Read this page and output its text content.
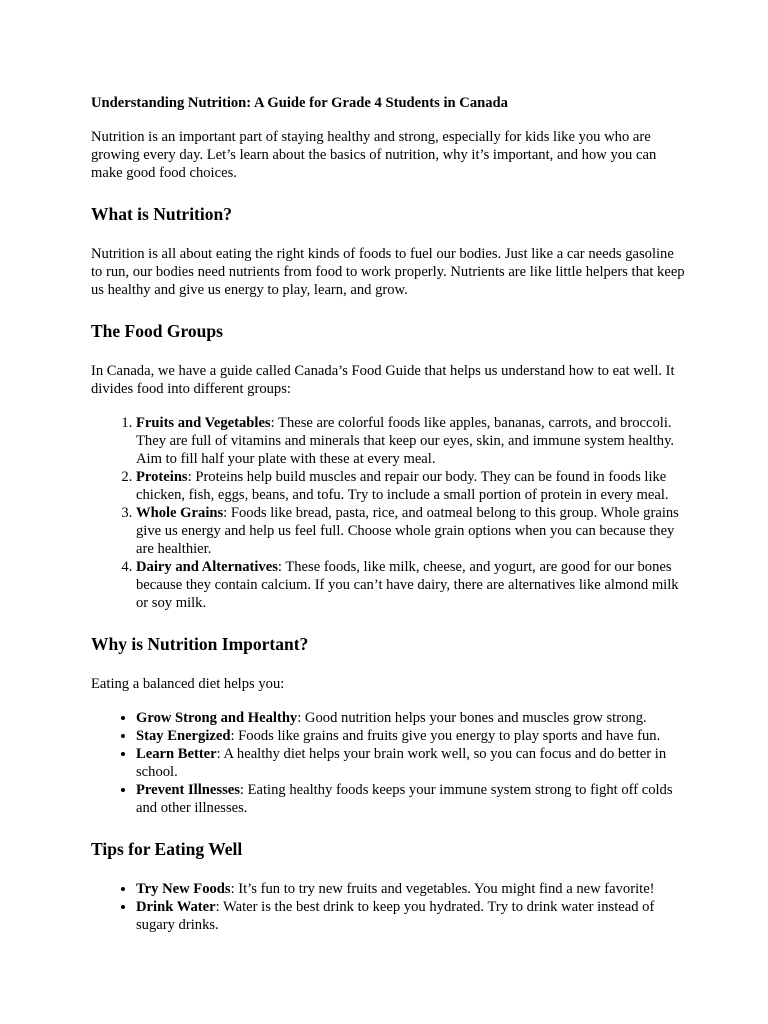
Understanding Nutrition: A Guide for Grade 4 Students in Canada

Nutrition is an important part of staying healthy and strong, especially for kids like you who are growing every day. Let’s learn about the basics of nutrition, why it’s important, and how you can make good food choices.

What is Nutrition?

Nutrition is all about eating the right kinds of foods to fuel our bodies. Just like a car needs gasoline to run, our bodies need nutrients from food to work properly. Nutrients are like little helpers that keep us healthy and give us energy to play, learn, and grow.

The Food Groups

In Canada, we have a guide called Canada’s Food Guide that helps us understand how to eat well. It divides food into different groups:

1. Fruits and Vegetables: These are colorful foods like apples, bananas, carrots, and broccoli. They are full of vitamins and minerals that keep our eyes, skin, and immune system healthy. Aim to fill half your plate with these at every meal.
2. Proteins: Proteins help build muscles and repair our body. They can be found in foods like chicken, fish, eggs, beans, and tofu. Try to include a small portion of protein in every meal.
3. Whole Grains: Foods like bread, pasta, rice, and oatmeal belong to this group. Whole grains give us energy and help us feel full. Choose whole grain options when you can because they are healthier.
4. Dairy and Alternatives: These foods, like milk, cheese, and yogurt, are good for our bones because they contain calcium. If you can’t have dairy, there are alternatives like almond milk or soy milk.
Why is Nutrition Important?

Eating a balanced diet helps you:

• Grow Strong and Healthy: Good nutrition helps your bones and muscles grow strong.
• Stay Energized: Foods like grains and fruits give you energy to play sports and have fun.
• Learn Better: A healthy diet helps your brain work well, so you can focus and do better in school.
• Prevent Illnesses: Eating healthy foods keeps your immune system strong to fight off colds and other illnesses.
Tips for Eating Well
• Try New Foods: It’s fun to try new fruits and vegetables. You might find a new favorite!
• Drink Water: Water is the best drink to keep you hydrated. Try to drink water instead of sugary drinks.
